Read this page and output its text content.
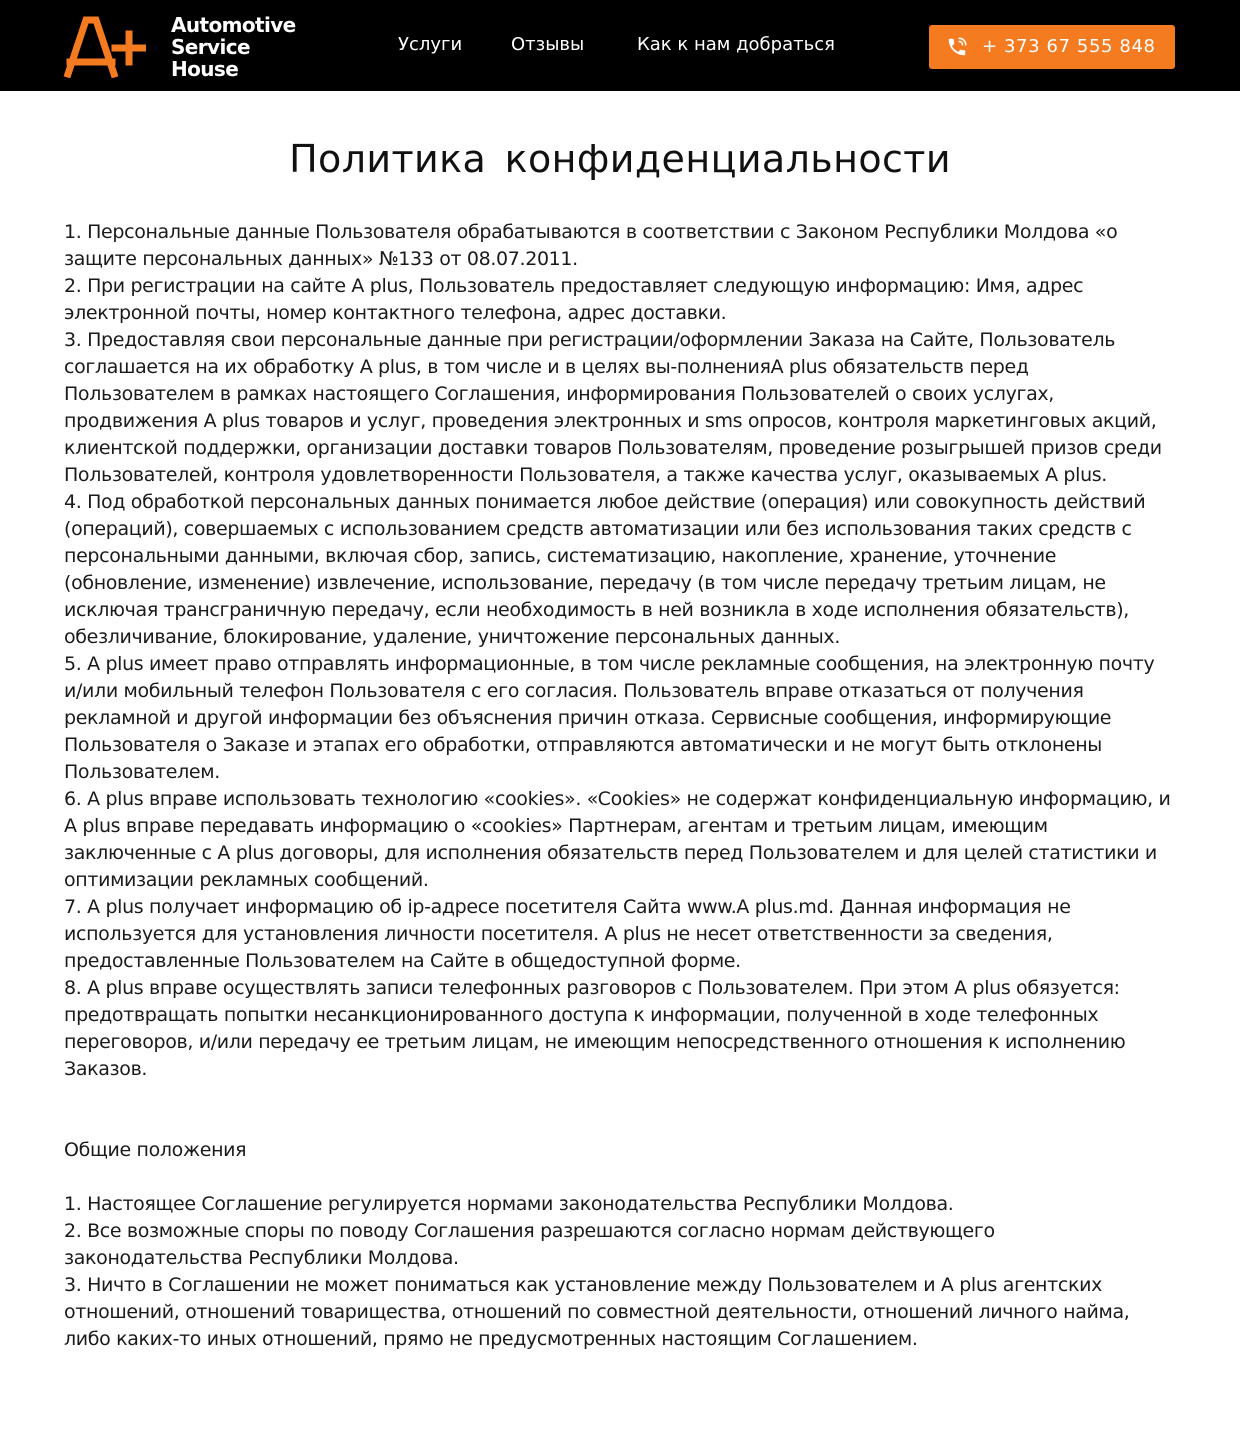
Automotive
Service
House
Услуги	Отзывы	Как к нам добраться	+ 373 67 555 848
Политика конфиденциальности

1. Персональные данные Пользователя обрабатываются в соответствии с Законом Республики Молдова «о защите персональных данных» №133 от 08.07.2011.

2. При регистрации на сайте A plus, Пользователь предоставляет следующую информацию: Имя, адрес электронной почты, номер контактного телефона, адрес доставки.

3. Предоставляя свои персональные данные при регистрации/оформлении Заказа на Сайте, Пользователь соглашается на их обработку A plus, в том числе и в целях вы-полненияA plus обязательств перед Пользователем в рамках настоящего Соглашения, информирования Пользователей о своих услугах, продвижения A plus товаров и услуг, проведения электронных и sms опросов, контроля маркетинговых акций, клиентской поддержки, организации доставки товаров Пользователям, проведение розыгрышей призов среди Пользователей, контроля удовлетворенности Пользователя, а также качества услуг, оказываемых A plus.

4. Под обработкой персональных данных понимается любое действие (операция) или совокупность действий (операций), совершаемых с использованием средств автоматизации или без использования таких средств с персональными данными, включая сбор, запись, систематизацию, накопление, хранение, уточнение (обновление, изменение) извлечение, использование, передачу (в том числе передачу третьим лицам, не исключая трансграничную передачу, если необходимость в ней возникла в ходе исполнения обязательств), обезличивание, блокирование, удаление, уничтожение персональных данных.

5. A plus имеет право отправлять информационные, в том числе рекламные сообщения, на электронную почту и/или мобильный телефон Пользователя с его согласия. Пользователь вправе отказаться от получения рекламной и другой информации без объяснения причин отказа. Сервисные сообщения, информирующие Пользователя о Заказе и этапах его обработки, отправляются автоматически и не могут быть отклонены Пользователем.

6. A plus вправе использовать технологию «cookies». «Cookies» не содержат конфиденциальную информацию, и A plus вправе передавать информацию о «cookies» Партнерам, агентам и третьим лицам, имеющим заключенные с A plus договоры, для исполнения обязательств перед Пользователем и для целей статистики и оптимизации рекламных сообщений.

7. A plus получает информацию об ip-адресе посетителя Сайта www.A plus.md. Данная информация не используется для установления личности посетителя. A plus не несет ответственности за сведения, предоставленные Пользователем на Сайте в общедоступной форме.

8. A plus вправе осуществлять записи телефонных разговоров с Пользователем. При этом A plus обязуется: предотвращать попытки несанкционированного доступа к информации, полученной в ходе телефонных переговоров, и/или передачу ее третьим лицам, не имеющим непосредственного отношения к исполнению Заказов.

Общие положения

1. Настоящее Соглашение регулируется нормами законодательства Республики Молдова.

2. Все возможные споры по поводу Соглашения разрешаются согласно нормам действующего законодательства Республики Молдова.

3. Ничто в Соглашении не может пониматься как установление между Пользователем и A plus агентских отношений, отношений товарищества, отношений по совместной деятельности, отношений личного найма, либо каких-то иных отношений, прямо не предусмотренных настоящим Соглашением.
